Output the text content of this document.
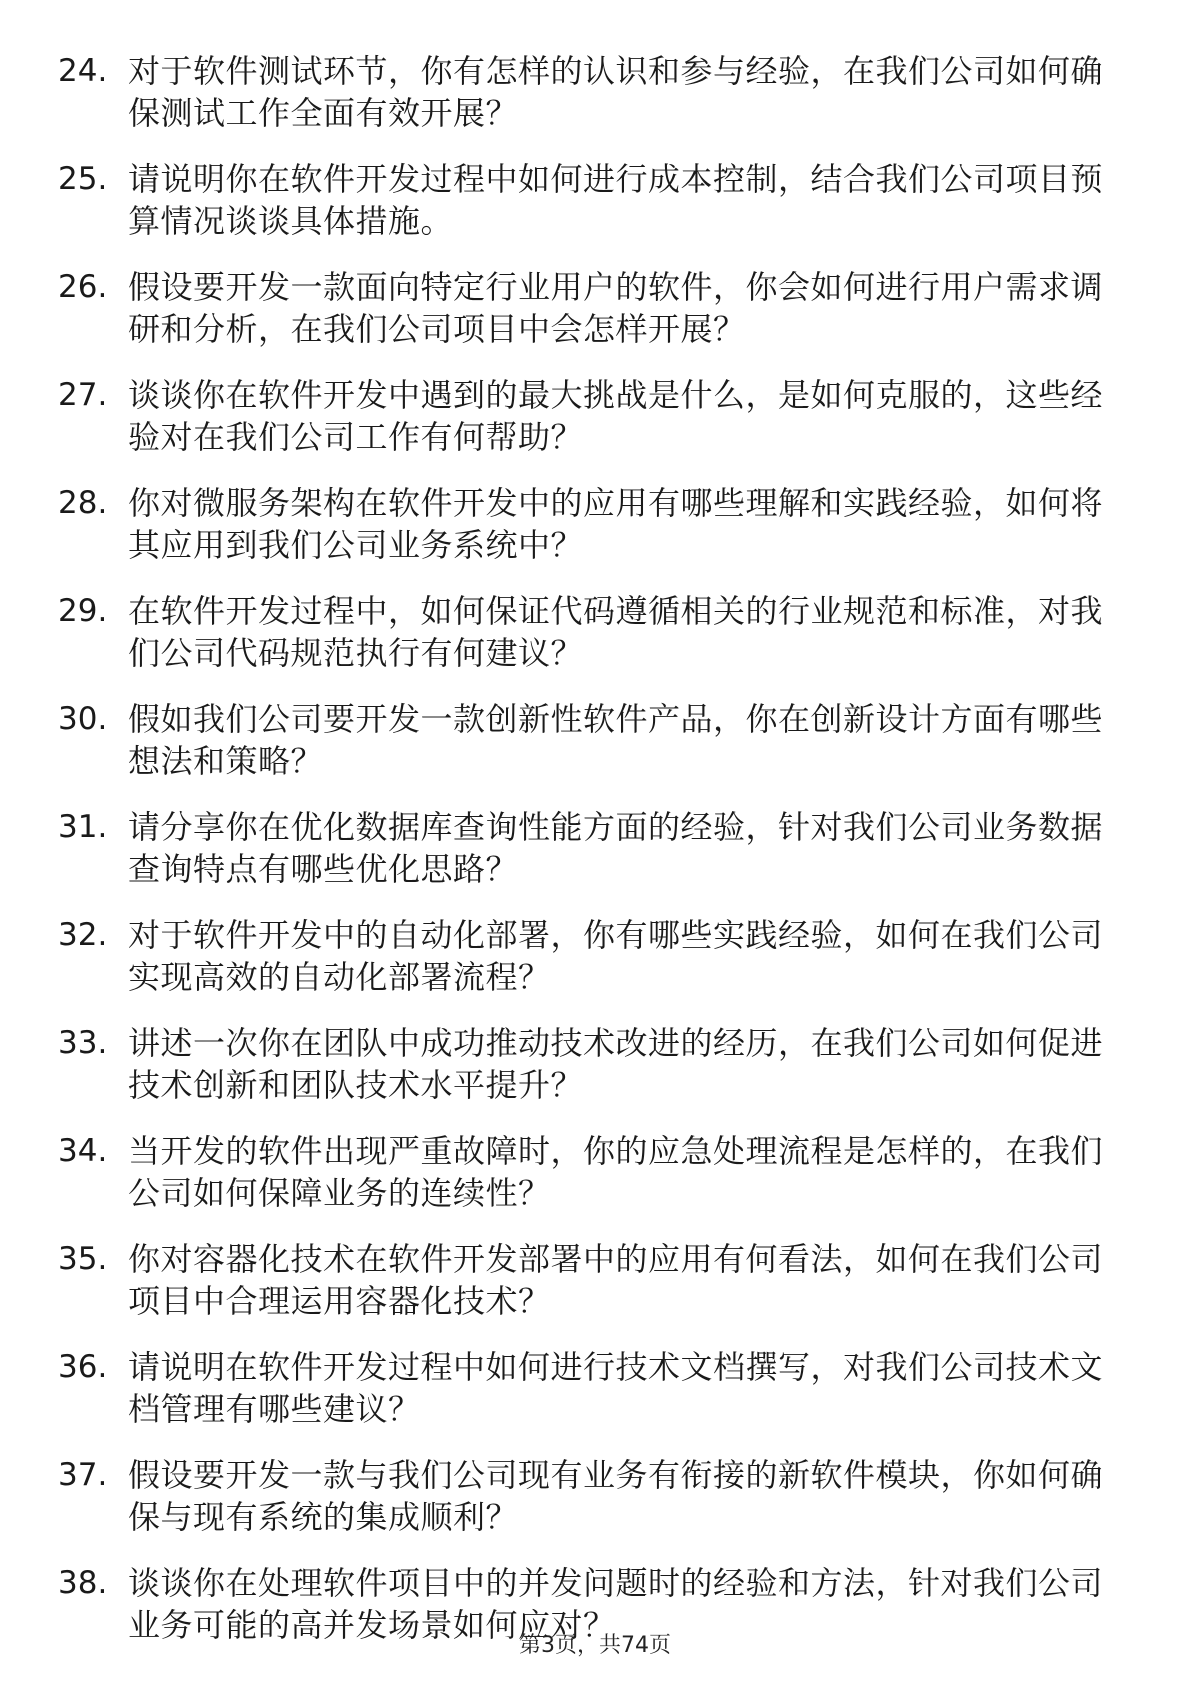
24. 对于软件测试环节，你有怎样的认识和参与经验，在我们公司如何确保测试工作全面有效开展？
25. 请说明你在软件开发过程中如何进行成本控制，结合我们公司项目预算情况谈谈具体措施。
26. 假设要开发一款面向特定行业用户的软件，你会如何进行用户需求调研和分析，在我们公司项目中会怎样开展？
27. 谈谈你在软件开发中遇到的最大挑战是什么，是如何克服的，这些经验对在我们公司工作有何帮助？
28. 你对微服务架构在软件开发中的应用有哪些理解和实践经验，如何将其应用到我们公司业务系统中？
29. 在软件开发过程中，如何保证代码遵循相关的行业规范和标准，对我们公司代码规范执行有何建议？
30. 假如我们公司要开发一款创新性软件产品，你在创新设计方面有哪些想法和策略？
31. 请分享你在优化数据库查询性能方面的经验，针对我们公司业务数据查询特点有哪些优化思路？
32. 对于软件开发中的自动化部署，你有哪些实践经验，如何在我们公司实现高效的自动化部署流程？
33. 讲述一次你在团队中成功推动技术改进的经历，在我们公司如何促进技术创新和团队技术水平提升？
34. 当开发的软件出现严重故障时，你的应急处理流程是怎样的，在我们公司如何保障业务的连续性？
35. 你对容器化技术在软件开发部署中的应用有何看法，如何在我们公司项目中合理运用容器化技术？
36. 请说明在软件开发过程中如何进行技术文档撰写，对我们公司技术文档管理有哪些建议？
37. 假设要开发一款与我们公司现有业务有衔接的新软件模块，你如何确保与现有系统的集成顺利？
38. 谈谈你在处理软件项目中的并发问题时的经验和方法，针对我们公司业务可能的高并发场景如何应对？
第3页，共74页
